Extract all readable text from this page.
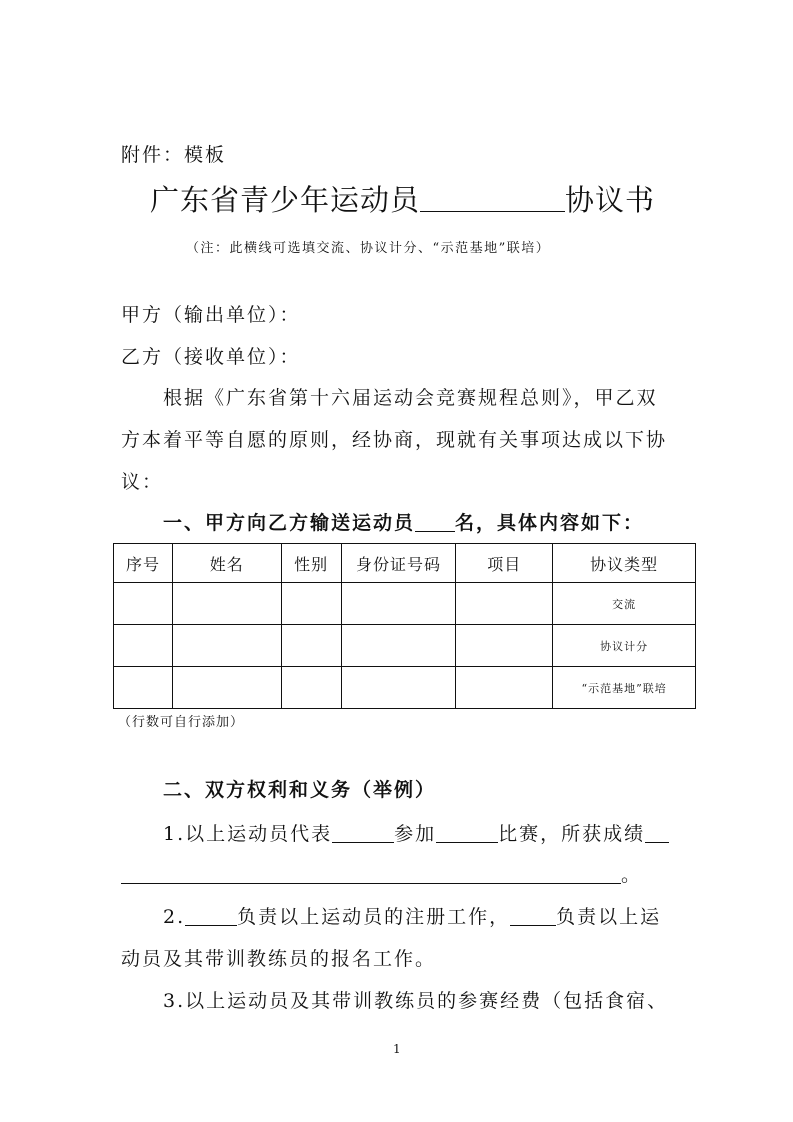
附件：模板
广东省青少年运动员	协议书
（注：此横线可选填交流、协议计分、“示范基地”联培）
甲方（输出单位）：
乙方（接收单位）：
根据《广东省第十六届运动会竞赛规程总则》，甲乙双
方本着平等自愿的原则，经协商，现就有关事项达成以下协
议：
一、甲方向乙方输送运动员 名，具体内容如下：
序号	姓名	性别	身份证号码	项目	协议类型
					交流
					协议计分
					“示范基地”联培
（行数可自行添加）
二、双方权利和义务（举例）
1.以上运动员代表	参加	比赛，所获成绩
。
2.	负责以上运动员的注册工作， 负责以上运
动员及其带训教练员的报名工作。
3.以上运动员及其带训教练员的参赛经费（包括食宿、
1
